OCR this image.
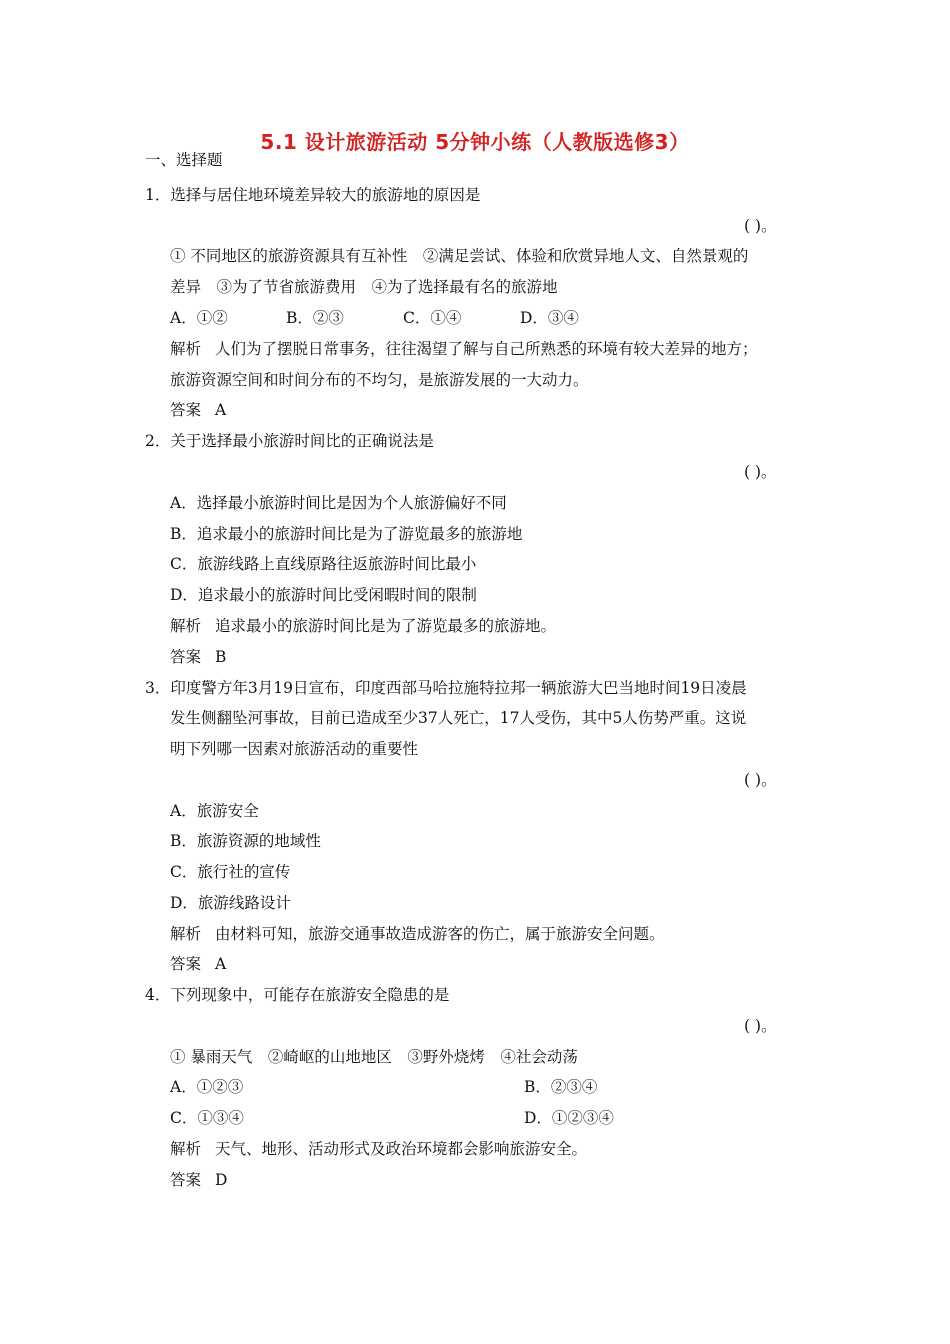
5.1 设计旅游活动 5分钟小练（人教版选修3）
一、选择题
1．选择与居住地环境差异较大的旅游地的原因是
( )。
① 不同地区的旅游资源具有互补性　②满足尝试、体验和欣赏异地人文、自然景观的
差异　③为了节省旅游费用　④为了选择最有名的旅游地
A．①②	B．②③	C．①④	D．③④
解析 人们为了摆脱日常事务，往往渴望了解与自己所熟悉的环境有较大差异的地方；
旅游资源空间和时间分布的不均匀，是旅游发展的一大动力。
答案 A
2．关于选择最小旅游时间比的正确说法是
( )。
A．选择最小旅游时间比是因为个人旅游偏好不同
B．追求最小的旅游时间比是为了游览最多的旅游地
C．旅游线路上直线原路往返旅游时间比最小
D．追求最小的旅游时间比受闲暇时间的限制
解析 追求最小的旅游时间比是为了游览最多的旅游地。
答案 B
3．印度警方年3月19日宣布，印度西部马哈拉施特拉邦一辆旅游大巴当地时间19日凌晨
发生侧翻坠河事故，目前已造成至少37人死亡，17人受伤，其中5人伤势严重。这说
明下列哪一因素对旅游活动的重要性
( )。
A．旅游安全
B．旅游资源的地域性
C．旅行社的宣传
D．旅游线路设计
解析 由材料可知，旅游交通事故造成游客的伤亡，属于旅游安全问题。
答案 A
4．下列现象中，可能存在旅游安全隐患的是
( )。
① 暴雨天气　②崎岖的山地地区　③野外烧烤　④社会动荡
A．①②③	B．②③④
C．①③④	D．①②③④
解析 天气、地形、活动形式及政治环境都会影响旅游安全。
答案 D
